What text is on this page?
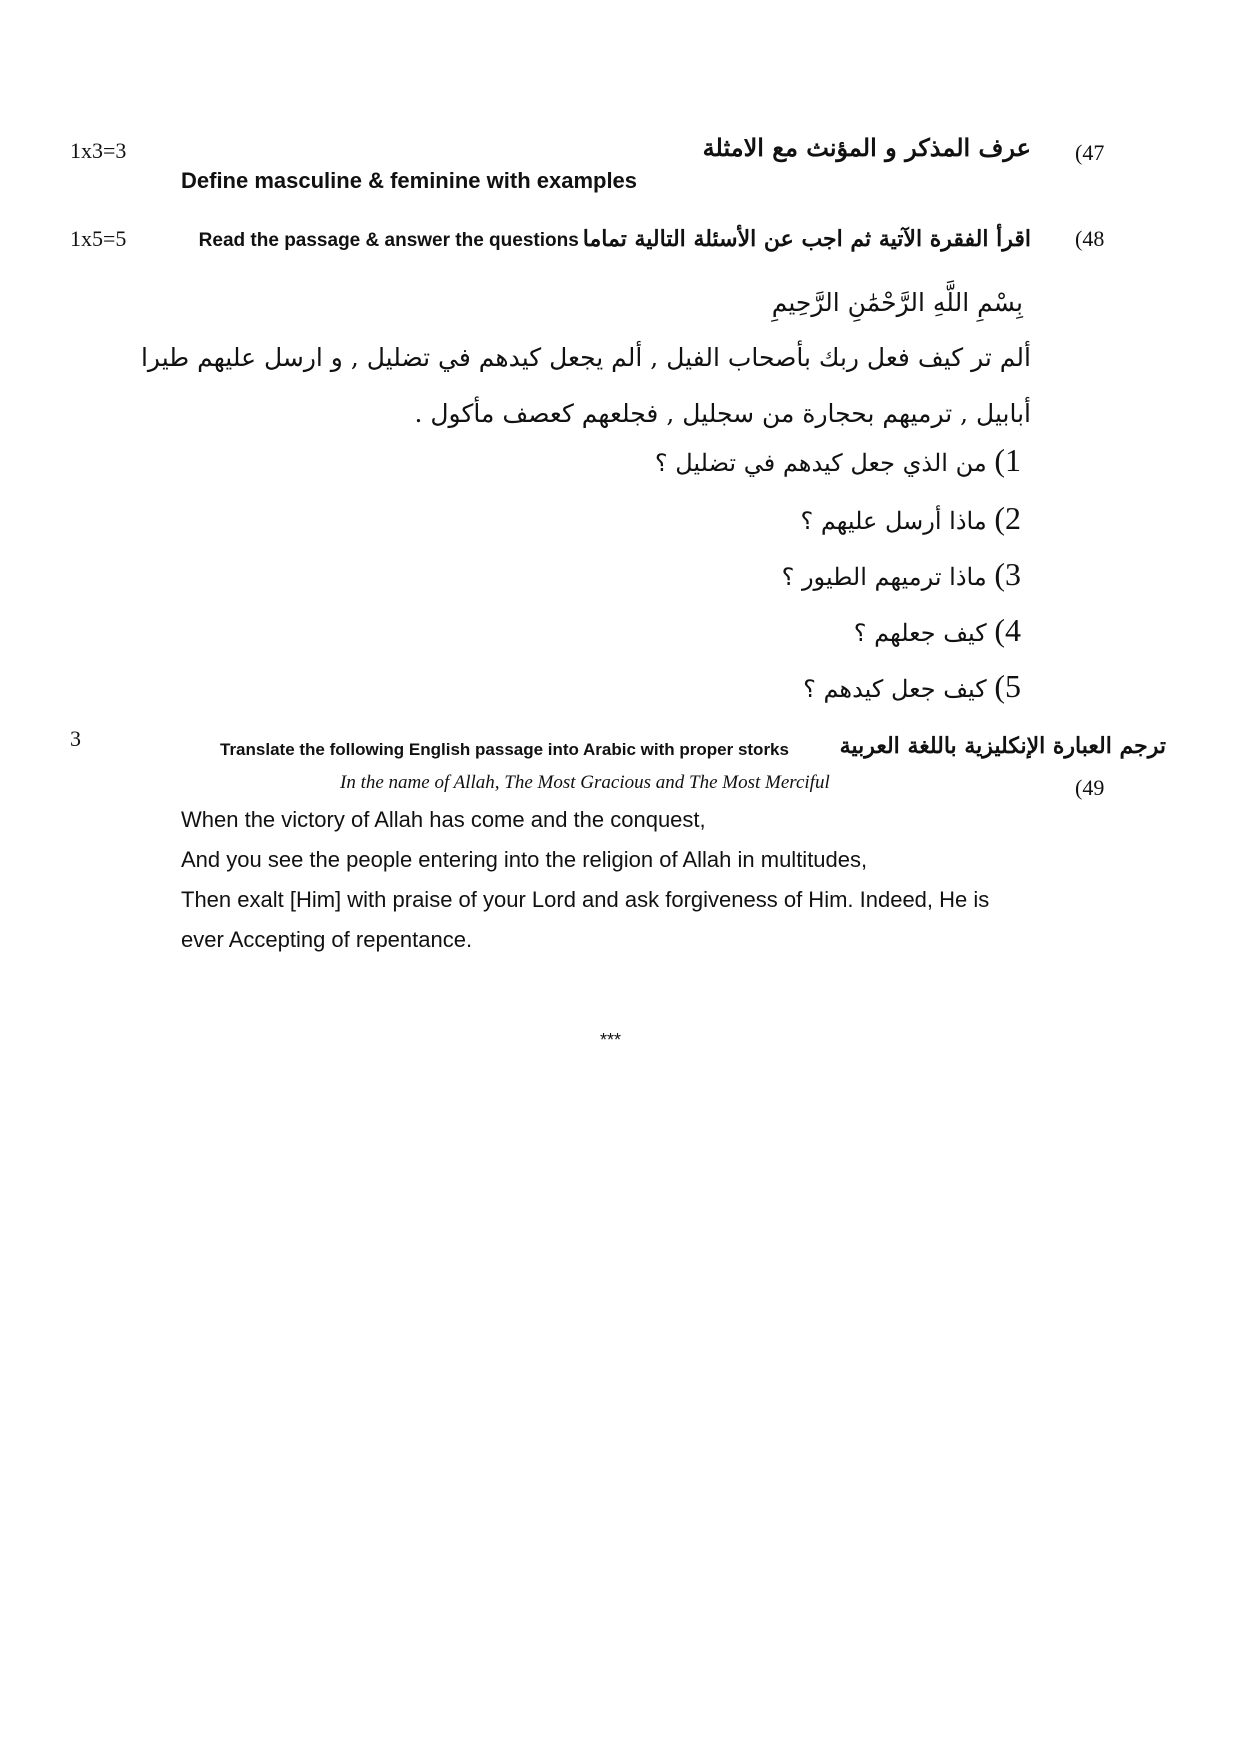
1x3=3	(47
عرف المذكر و المؤنث مع الامثلة
Define masculine & feminine with examples
1x5=5	(48
Read the passage & answer the questions اقرأ الفقرة الآتية ثم اجب عن الأسئلة التالية تماما
بِسْمِ اللَّهِ الرَّحْمَٰنِ الرَّحِيمِ
ألم تر كيف فعل ربك بأصحاب الفيل , ألم يجعل كيدهم في تضليل , و ارسل عليهم طيرا
أبابيل , ترميهم بحجارة من سجليل , فجلعهم كعصف مأكول .
1) من الذي جعل كيدهم في تضليل ؟
2) ماذا أرسل عليهم ؟
3) ماذا ترميهم الطيور ؟
4) كيف جعلهم ؟
5) كيف جعل كيدهم ؟
3	Translate the following English passage into Arabic with proper storks ترجم العبارة الإنكليزية باللغة العربية
In the name of Allah, The Most Gracious and The Most Merciful	(49
When the victory of Allah has come and the conquest,
And you see the people entering into the religion of Allah in multitudes,
Then exalt [Him] with praise of your Lord and ask forgiveness of Him. Indeed, He is
ever Accepting of repentance.
***
